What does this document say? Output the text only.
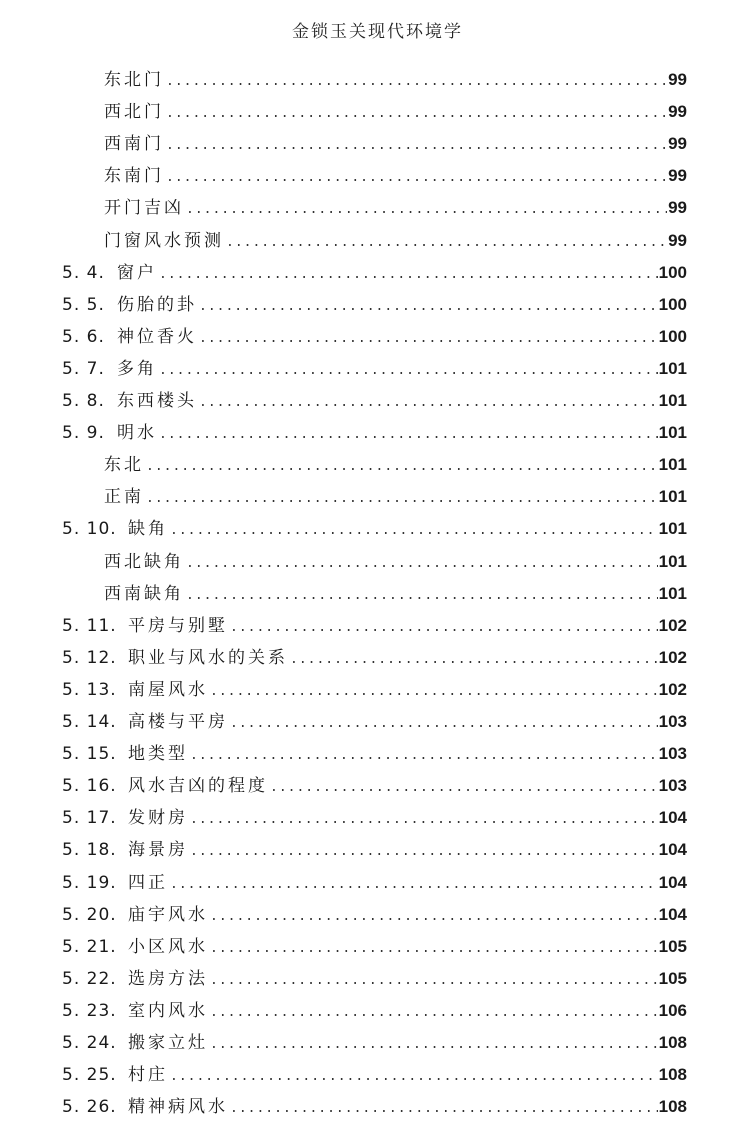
金锁玉关现代环境学
东北门 .....	99
西北门 .....	99
西南门 .....	99
东南门 .....	99
开门吉凶 .....	99
门窗风水预测 .....	99
5. 4. 窗户 .....	100
5. 5. 伤胎的卦 .....	100
5. 6. 神位香火 .....	100
5. 7. 多角 .....	101
5. 8. 东西楼头 .....	101
5. 9. 明水 .....	101
东北 .....	101
正南 .....	101
5. 10. 缺角 .....	101
西北缺角 .....	101
西南缺角 .....	101
5. 11. 平房与别墅 .....	102
5. 12. 职业与风水的关系 .....	102
5. 13. 南屋风水 .....	102
5. 14. 高楼与平房 .....	103
5. 15. 地类型 .....	103
5. 16. 风水吉凶的程度 .....	103
5. 17. 发财房 .....	104
5. 18. 海景房 .....	104
5. 19. 四正 .....	104
5. 20. 庙宇风水 .....	104
5. 21. 小区风水 .....	105
5. 22. 选房方法 .....	105
5. 23. 室内风水 .....	106
5. 24. 搬家立灶 .....	108
5. 25. 村庄 .....	108
5. 26. 精神病风水 .....	108
